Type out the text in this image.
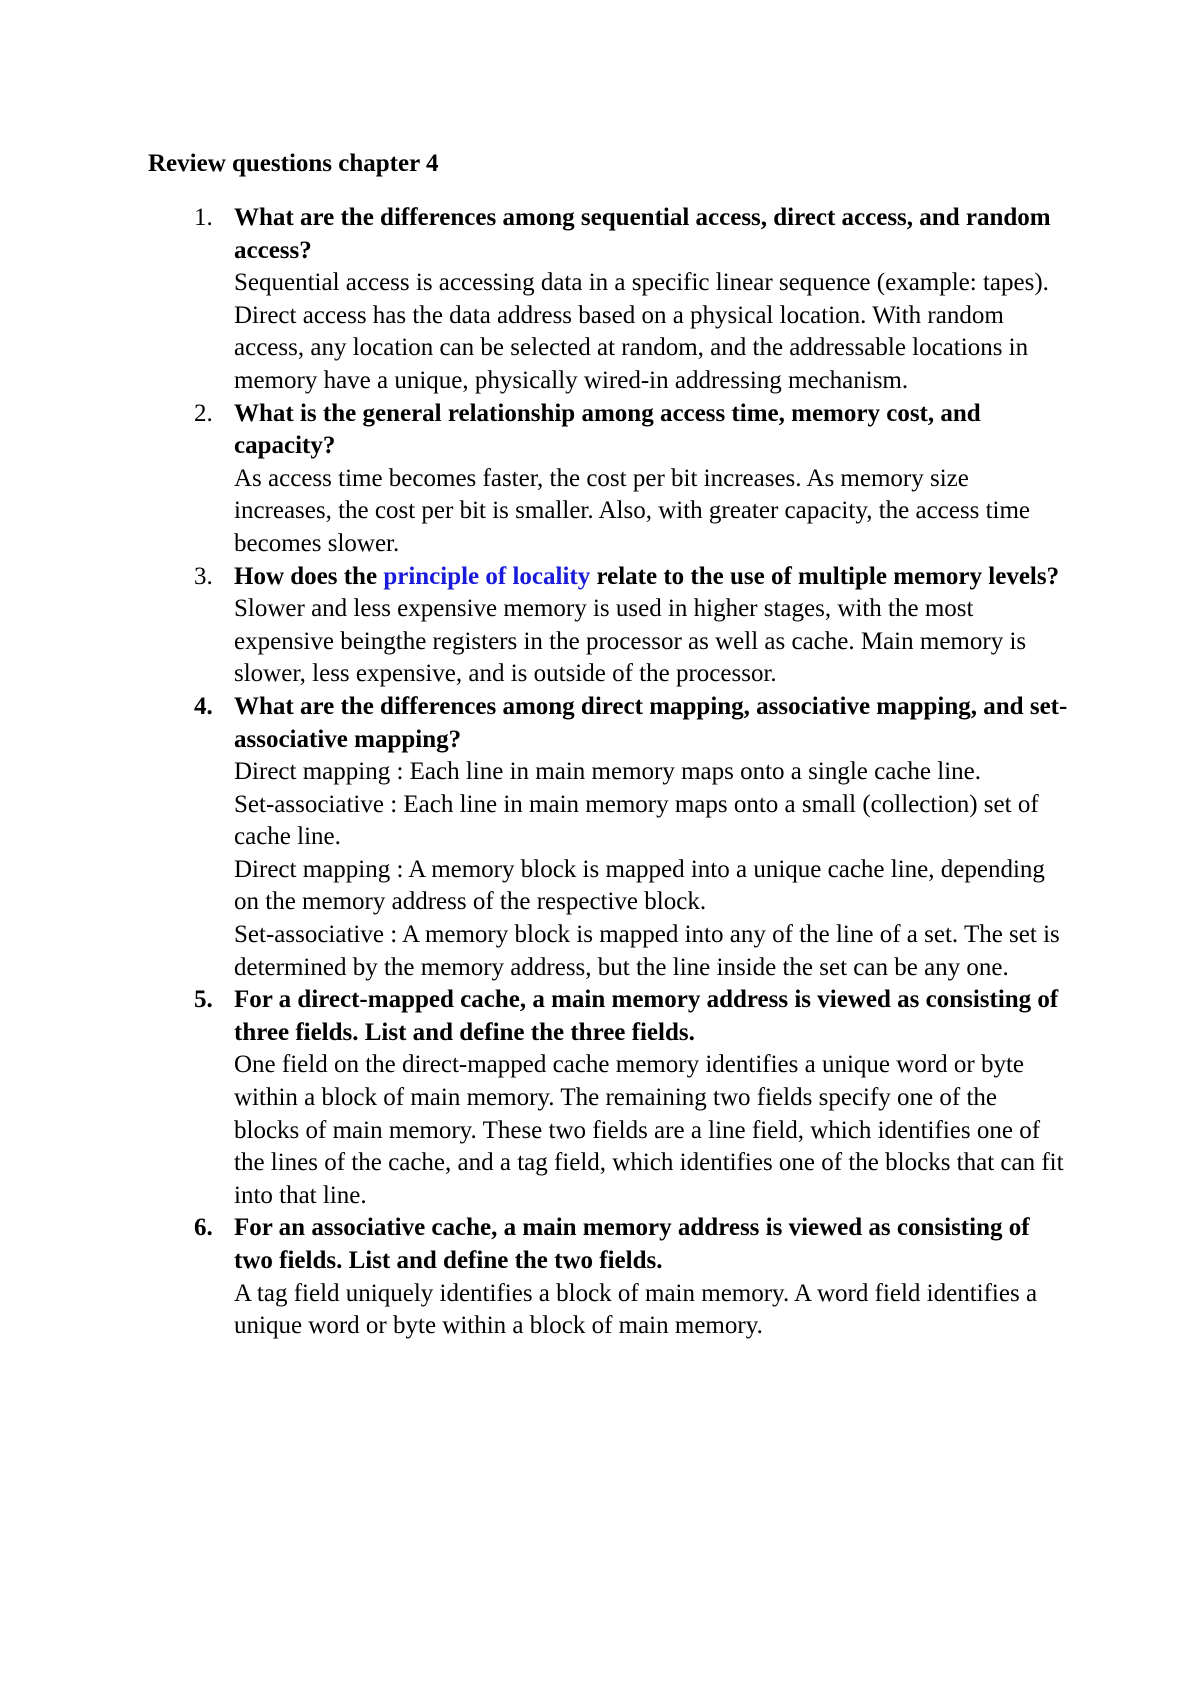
Review questions chapter 4
1. What are the differences among sequential access, direct access, and random access?
Sequential access is accessing data in a specific linear sequence (example: tapes). Direct access has the data address based on a physical location. With random access, any location can be selected at random, and the addressable locations in memory have a unique, physically wired-in addressing mechanism.
2. What is the general relationship among access time, memory cost, and capacity?
As access time becomes faster, the cost per bit increases. As memory size increases, the cost per bit is smaller. Also, with greater capacity, the access time becomes slower.
3. How does the principle of locality relate to the use of multiple memory levels?
Slower and less expensive memory is used in higher stages, with the most expensive beingthe registers in the processor as well as cache. Main memory is slower, less expensive, and is outside of the processor.
4. What are the differences among direct mapping, associative mapping, and set-associative mapping?
Direct mapping : Each line in main memory maps onto a single cache line.
Set-associative : Each line in main memory maps onto a small (collection) set of cache line.
Direct mapping : A memory block is mapped into a unique cache line, depending on the memory address of the respective block.
Set-associative : A memory block is mapped into any of the line of a set. The set is determined by the memory address, but the line inside the set can be any one.
5. For a direct-mapped cache, a main memory address is viewed as consisting of three fields. List and define the three fields.
One field on the direct-mapped cache memory identifies a unique word or byte within a block of main memory. The remaining two fields specify one of the blocks of main memory. These two fields are a line field, which identifies one of the lines of the cache, and a tag field, which identifies one of the blocks that can fit into that line.
6. For an associative cache, a main memory address is viewed as consisting of two fields. List and define the two fields.
A tag field uniquely identifies a block of main memory. A word field identifies a unique word or byte within a block of main memory.
